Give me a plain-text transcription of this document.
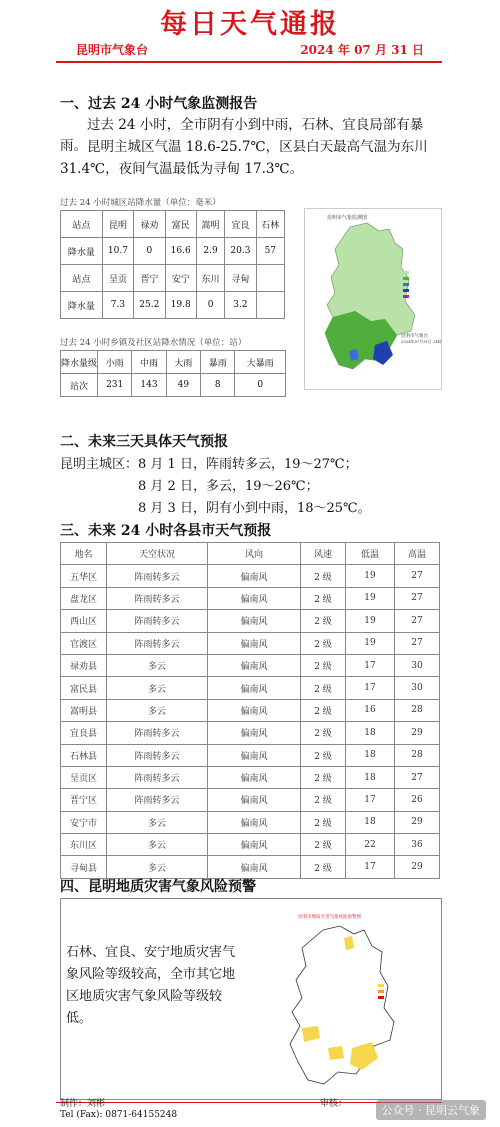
每日天气通报
昆明市气象台	2024 年 07 月 31 日
一、过去 24 小时气象监测报告
过去 24 小时，全市阴有小到中雨，石林、宜良局部有暴雨。 昆明主城区气温 18.6-25.7℃，区县白天最高气温为东川
31.4℃，夜间气温最低为寻甸 17.3℃。
过去 24 小时城区站降水量（单位：毫米）
站点	昆明	禄劝	富民	嵩明	宜良	石林
降水量	10.7	0	16.6	2.9	20.3	57
站点	呈贡	晋宁	安宁	东川	寻甸	
降水量	7.3	25.2	19.8	0	3.2	
过去 24 小时乡镇及社区站降水情况（单位：站）
降水量级	小雨	中雨	大雨	暴雨	大暴雨
站次	231	143	49	8	0
昆明市气象监测图
昆明市气象台
2024年07月31日 14时
二、未来三天具体天气预报
昆明主城区： 8 月 1 日，阵雨转多云，19～27℃；
8 月 2 日，多云，19～26℃；
8 月 3 日，阴有小到中雨，18～25℃。
三、未来 24 小时各县市天气预报
地名	天空状况	风向	风速	低温	高温
五华区	阵雨转多云	偏南风	2 级	19	27
盘龙区	阵雨转多云	偏南风	2 级	19	27
西山区	阵雨转多云	偏南风	2 级	19	27
官渡区	阵雨转多云	偏南风	2 级	19	27
禄劝县	多云	偏南风	2 级	17	30
富民县	多云	偏南风	2 级	17	30
嵩明县	多云	偏南风	2 级	16	28
宜良县	阵雨转多云	偏南风	2 级	18	29
石林县	阵雨转多云	偏南风	2 级	18	28
呈贡区	阵雨转多云	偏南风	2 级	18	27
晋宁区	阵雨转多云	偏南风	2 级	17	26
安宁市	多云	偏南风	2 级	18	29
东川区	多云	偏南风	2 级	22	36
寻甸县	多云	偏南风	2 级	17	29
四、昆明地质灾害气象风险预警
石林、宜良、安宁地质灾害气象风险等级较高，全市其它地区地质灾害气象风险等级较低。
昆明市地质灾害气象风险预警图
制作：刘彬	审核：
Tel (Fax): 0871-64155248	公众号 · 昆明云气象
